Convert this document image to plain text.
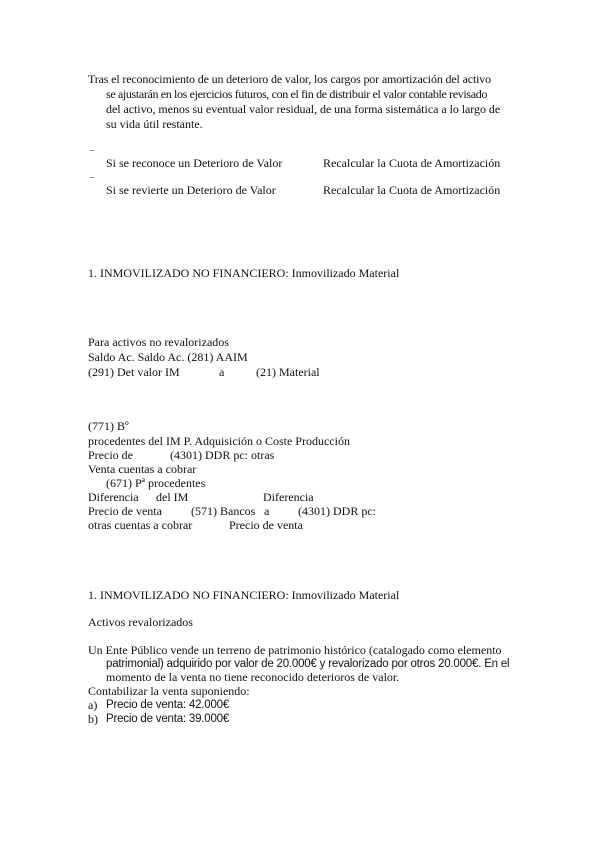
Tras el reconocimiento de un deterioro de valor, los cargos por amortización del activo
se ajustarán en los ejercicios futuros, con el fin de distribuir el valor contable revisado
del activo, menos su eventual valor residual, de una forma sistemática a lo largo de
su vida útil restante.
‾ Si se reconoce un Deterioro de Valor	Recalcular la Cuota de Amortización
‾ Si se revierte un Deterioro de Valor	Recalcular la Cuota de Amortización
1. INMOVILIZADO NO FINANCIERO: Inmovilizado Material
Para activos no revalorizados
Saldo Ac. Saldo Ac. (281) AAIM
(291) Det valor IM	a	(21) Material
(771) Bº
procedentes del IM P. Adquisición o Coste Producción
Precio de	(4301) DDR pc: otras
Venta cuentas a cobrar
(671) Pª procedentes
Diferencia del IM	Diferencia
Precio de venta (571) Bancos a (4301) DDR pc:
otras cuentas a cobrar	Precio de venta
1. INMOVILIZADO NO FINANCIERO: Inmovilizado Material
Activos revalorizados
Un Ente Público vende un terreno de patrimonio histórico (catalogado como elemento
patrimonial) adquirido por valor de 20.000€ y revalorizado por otros 20.000€. En el
momento de la venta no tiene reconocido deterioros de valor.
Contabilizar la venta suponiendo:
a) Precio de venta: 42.000€
b) Precio de venta: 39.000€
